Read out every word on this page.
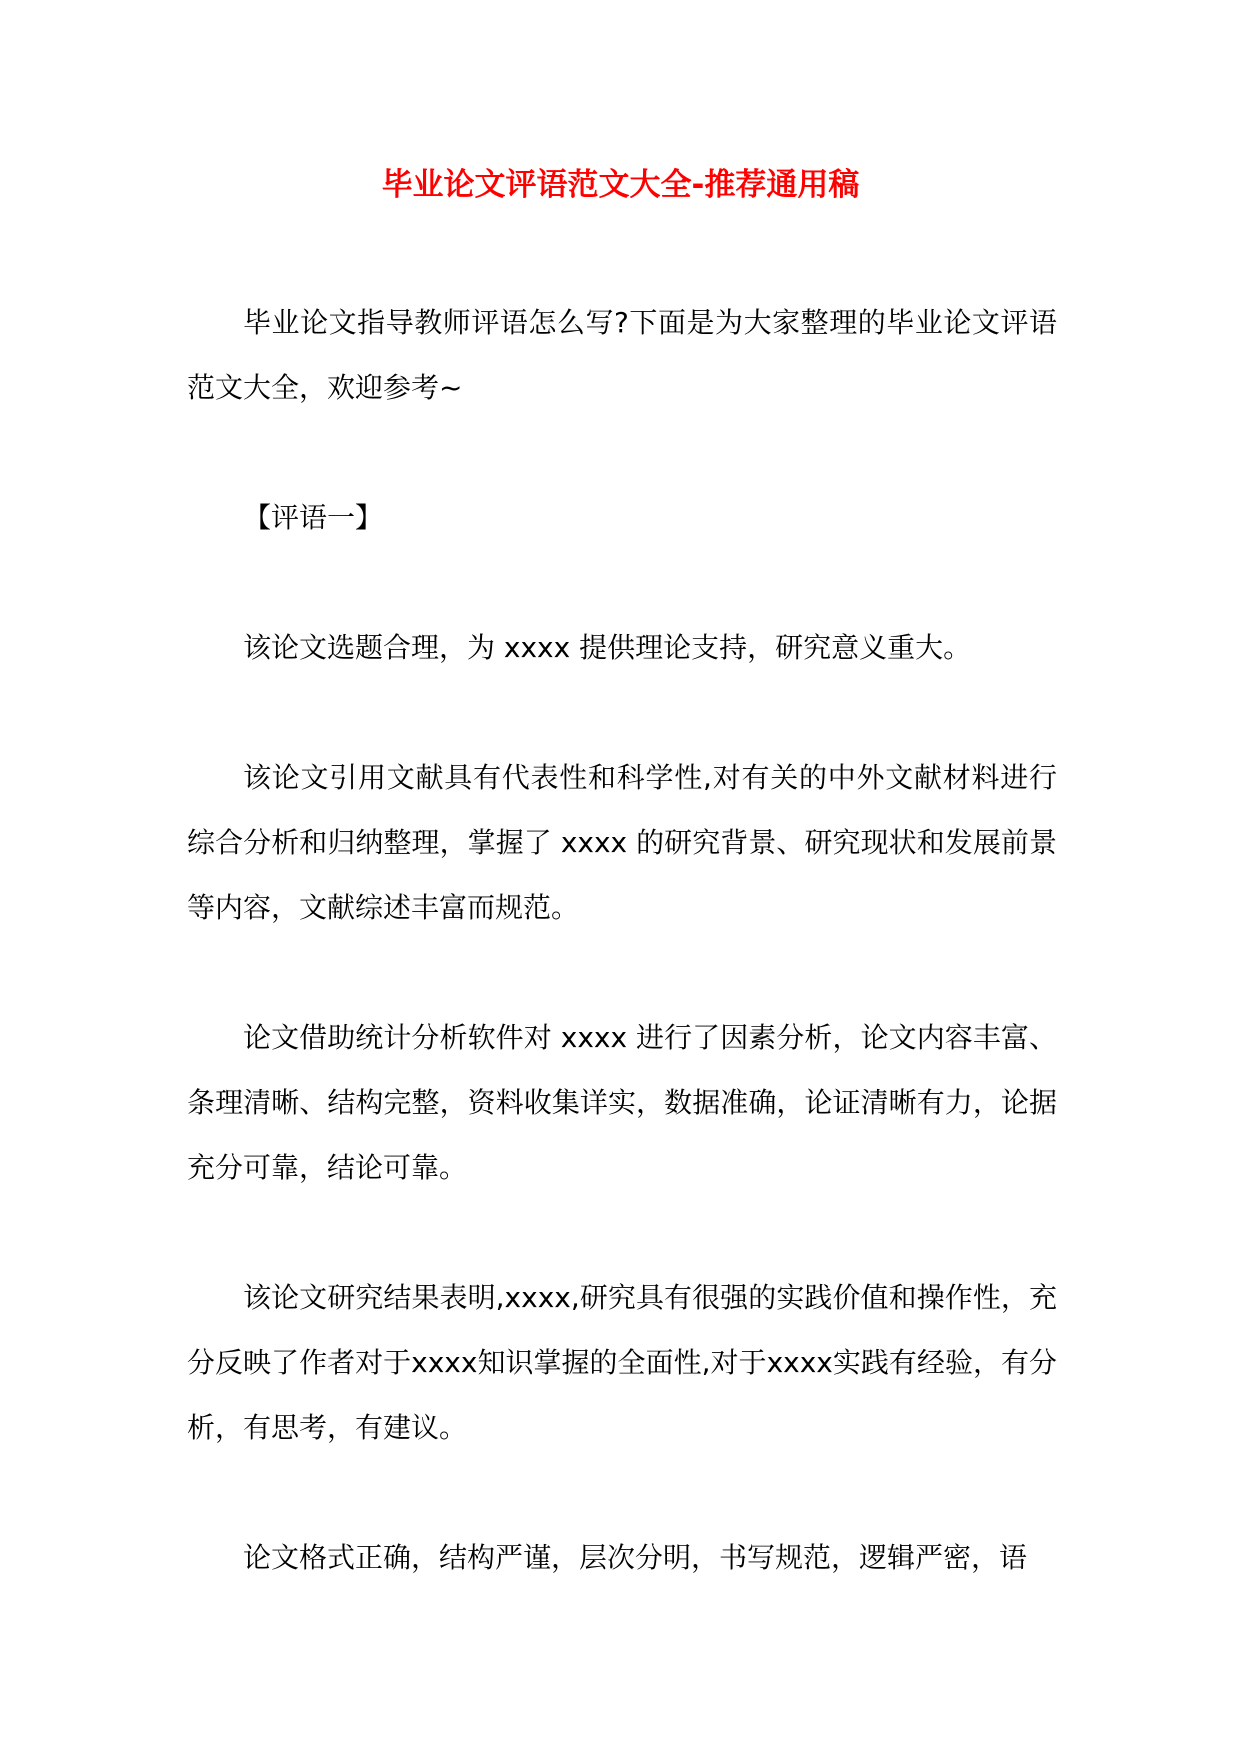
毕业论文评语范文大全-推荐通用稿

毕业论文指导教师评语怎么写?下面是为大家整理的毕业论文评语范文大全，欢迎参考~

【评语一】

该论文选题合理，为 xxxx 提供理论支持，研究意义重大。

该论文引用文献具有代表性和科学性,对有关的中外文献材料进行综合分析和归纳整理，掌握了 xxxx 的研究背景、研究现状和发展前景等内容，文献综述丰富而规范。

论文借助统计分析软件对 xxxx 进行了因素分析，论文内容丰富、条理清晰、结构完整，资料收集详实，数据准确，论证清晰有力，论据充分可靠，结论可靠。

该论文研究结果表明,xxxx,研究具有很强的实践价值和操作性，充分反映了作者对于xxxx知识掌握的全面性,对于xxxx实践有经验，有分析，有思考，有建议。

论文格式正确，结构严谨，层次分明，书写规范，逻辑严密，语
